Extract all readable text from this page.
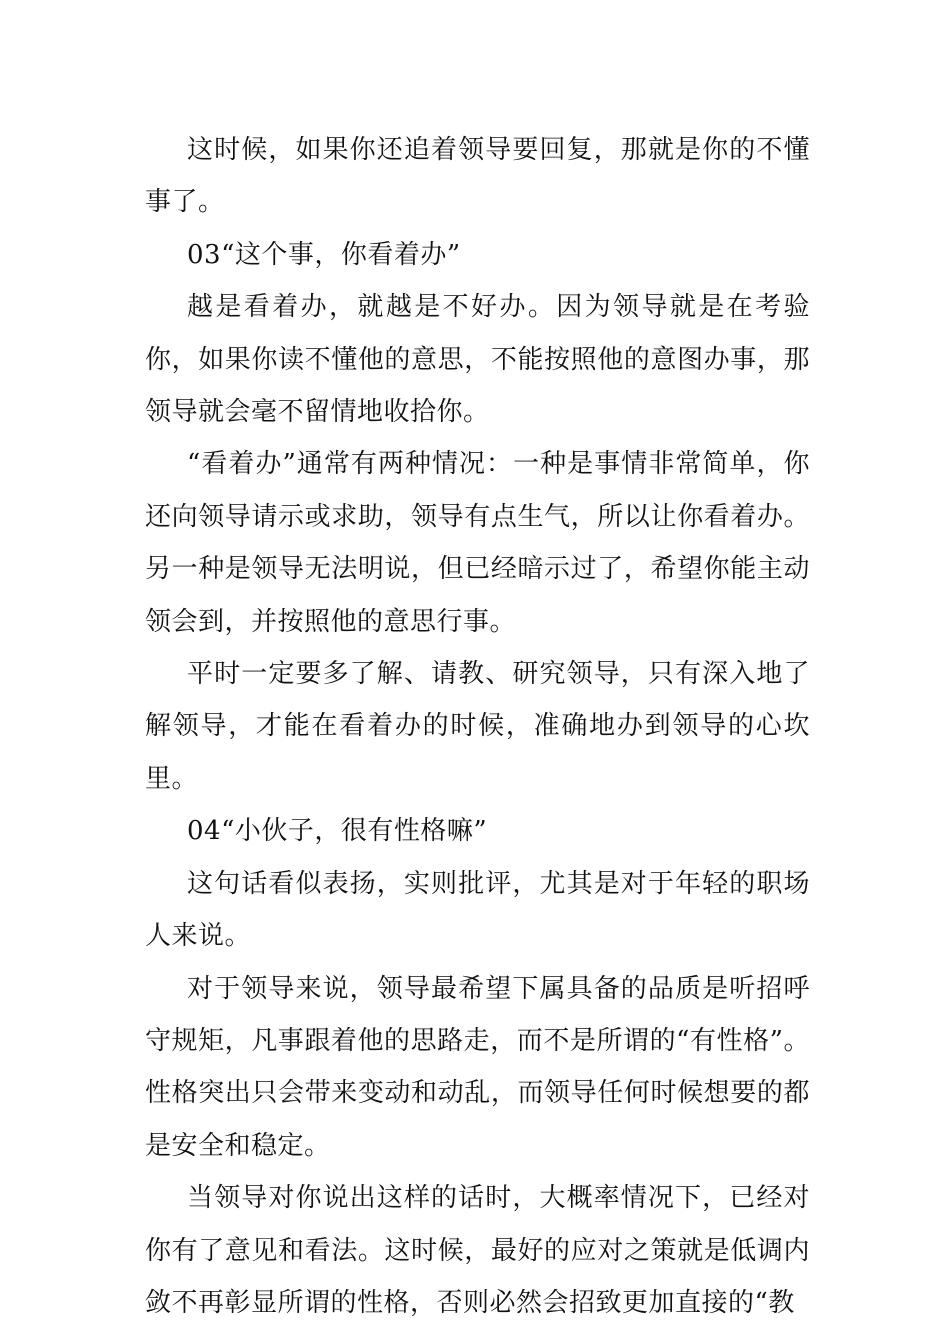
这时候，如果你还追着领导要回复，那就是你的不懂事了。

03“这个事，你看着办”

越是看着办，就越是不好办。因为领导就是在考验你，如果你读不懂他的意思，不能按照他的意图办事，那领导就会毫不留情地收拾你。

“看着办”通常有两种情况：一种是事情非常简单，你还向领导请示或求助，领导有点生气，所以让你看着办。另一种是领导无法明说，但已经暗示过了，希望你能主动领会到，并按照他的意思行事。

平时一定要多了解、请教、研究领导，只有深入地了解领导，才能在看着办的时候，准确地办到领导的心坎里。

04“小伙子，很有性格嘛”

这句话看似表扬，实则批评，尤其是对于年轻的职场人来说。

对于领导来说，领导最希望下属具备的品质是听招呼守规矩，凡事跟着他的思路走，而不是所谓的“有性格”。性格突出只会带来变动和动乱，而领导任何时候想要的都是安全和稳定。

当领导对你说出这样的话时，大概率情况下，已经对你有了意见和看法。这时候，最好的应对之策就是低调内敛不再彰显所谓的性格，否则必然会招致更加直接的“教
